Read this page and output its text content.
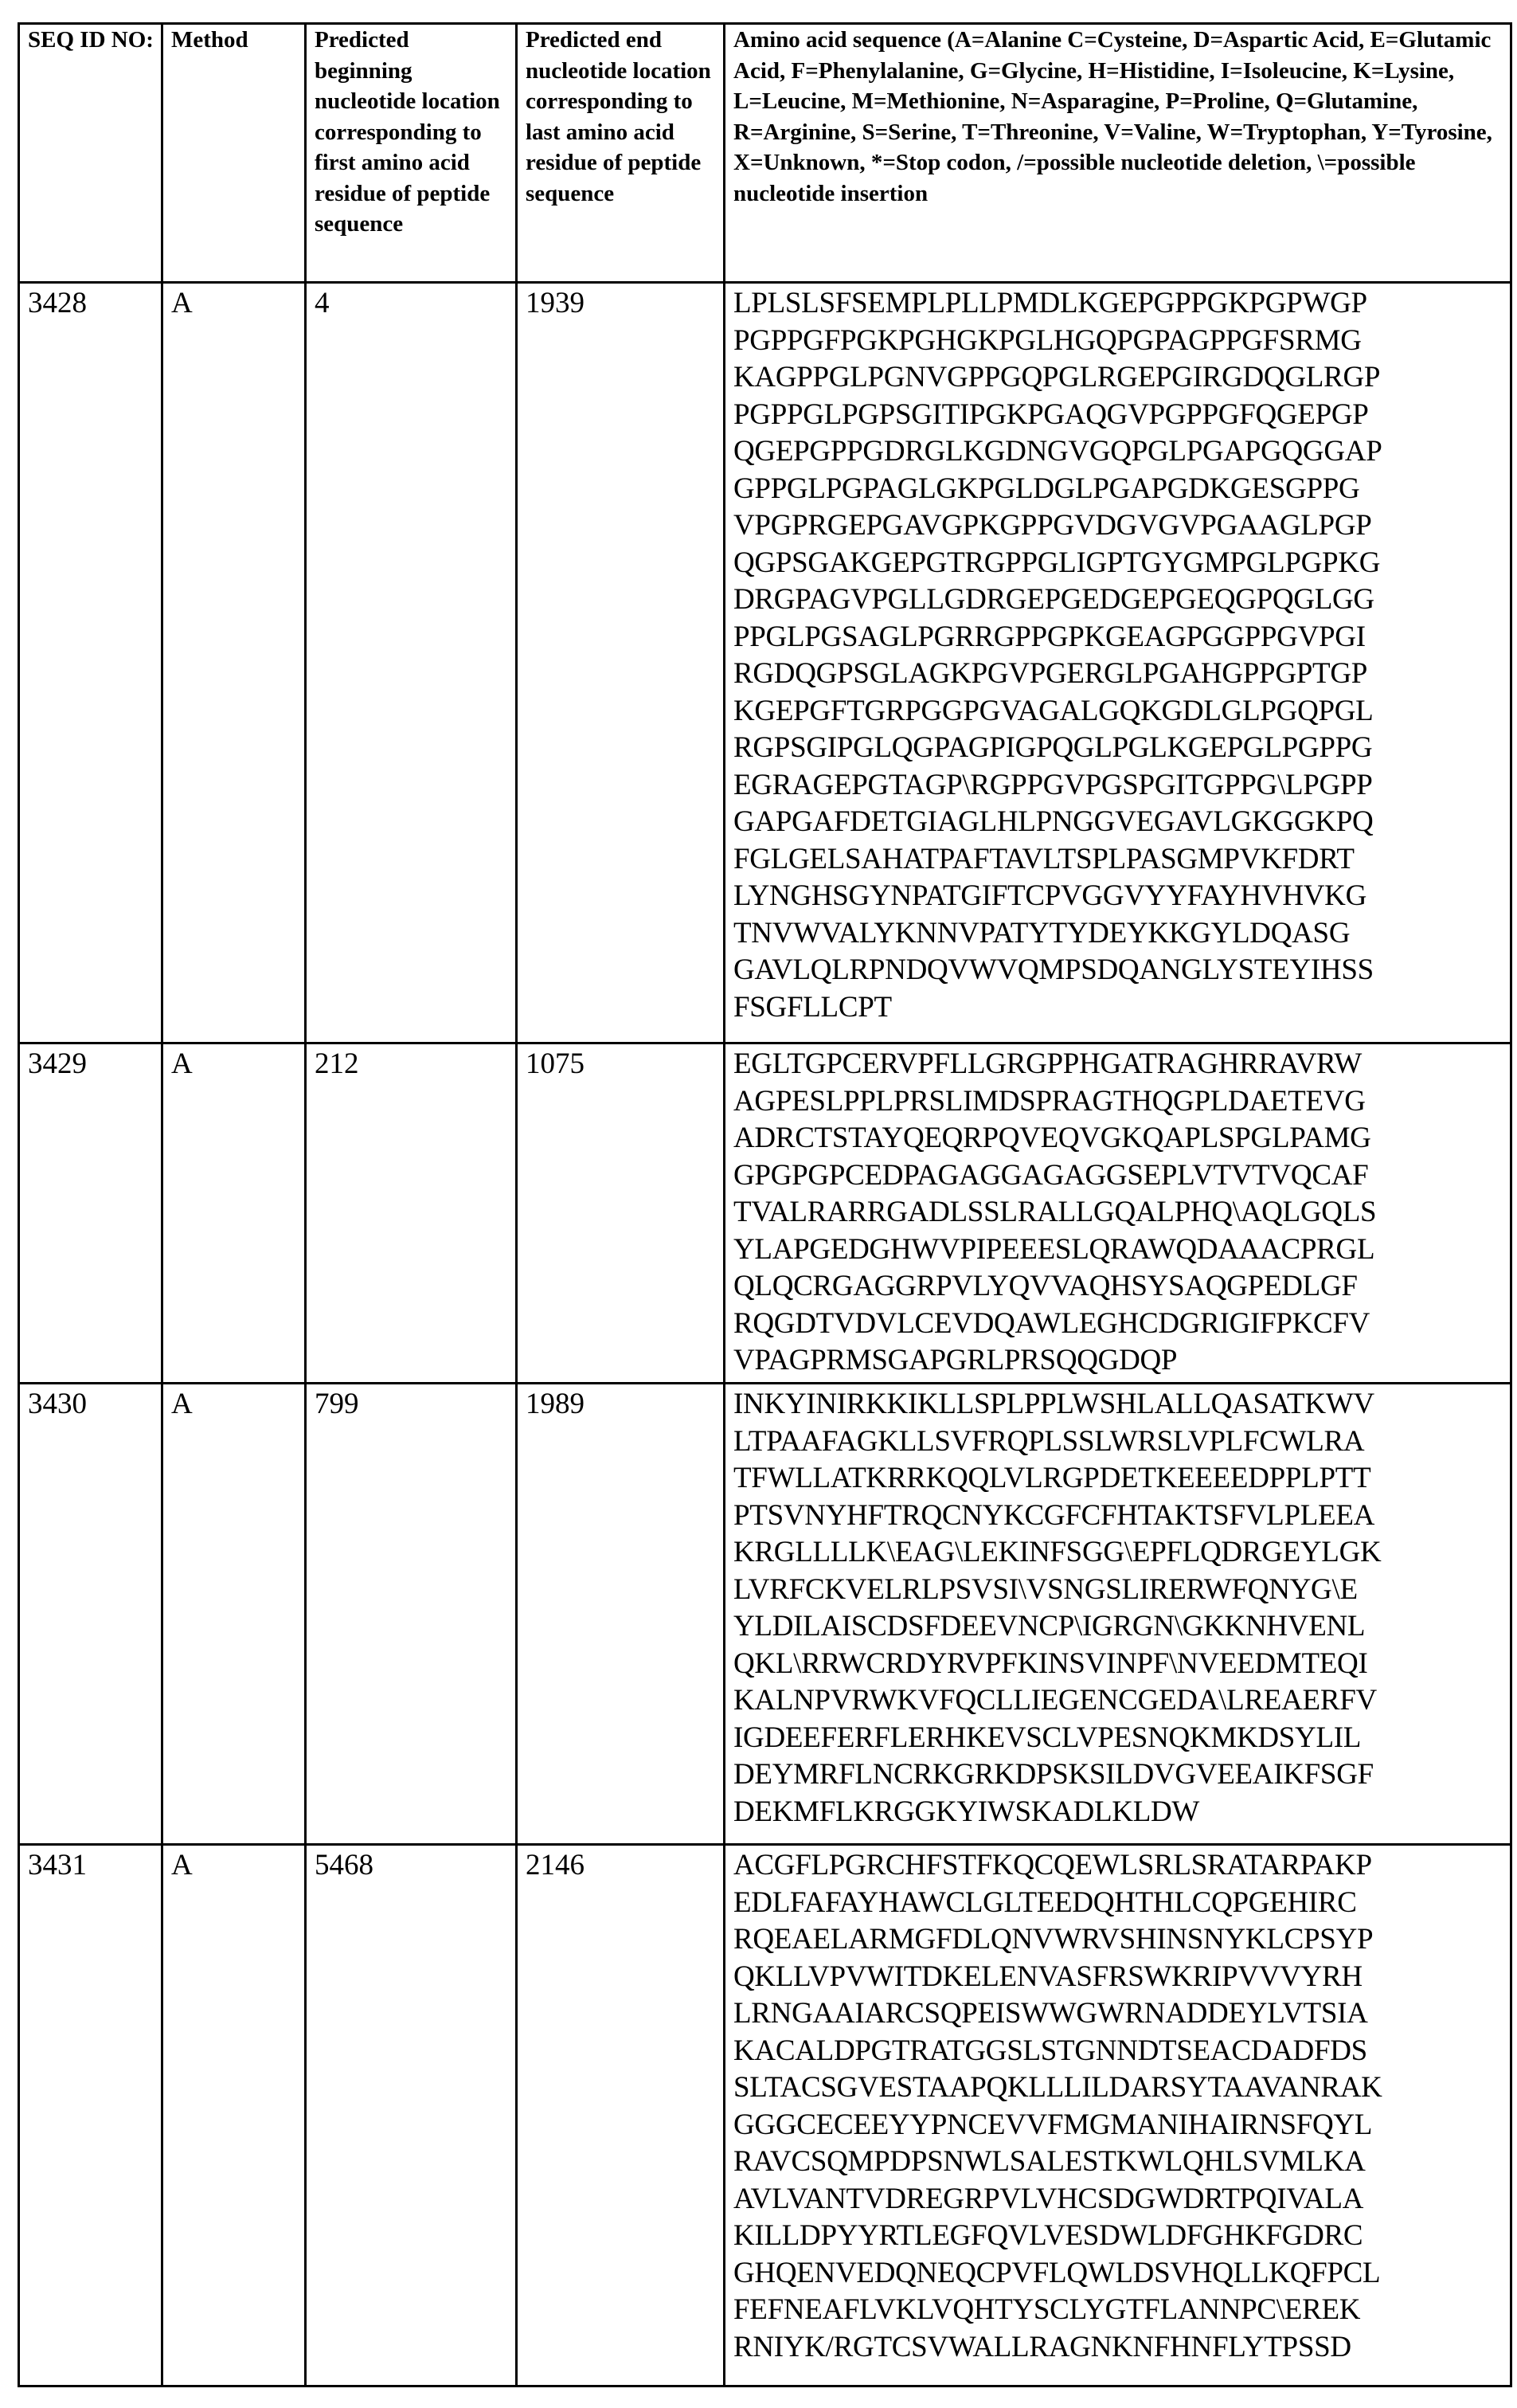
SEQ ID NO:	Method	Predicted beginning nucleotide location corresponding to first amino acid residue of peptide sequence	Predicted end nucleotide location corresponding to last amino acid residue of peptide sequence	Amino acid sequence (A=Alanine C=Cysteine, D=Aspartic Acid, E=Glutamic Acid, F=Phenylalanine, G=Glycine, H=Histidine, I=Isoleucine, K=Lysine, L=Leucine, M=Methionine, N=Asparagine, P=Proline, Q=Glutamine, R=Arginine, S=Serine, T=Threonine, V=Valine, W=Tryptophan, Y=Tyrosine, X=Unknown, *=Stop codon, /=possible nucleotide deletion, \=possible nucleotide insertion
3428	A	4	1939	LPLSLSFSEMPLPLLPMDLKGEPGPPGKPGPWGP
PGPPGFPGKPGHGKPGLHGQPGPAGPPGFSRMG
KAGPPGLPGNVGPPGQPGLRGEPGIRGDQGLRGP
PGPPGLPGPSGITIPGKPGAQGVPGPPGFQGEPGP
QGEPGPPGDRGLKGDNGVGQPGLPGAPGQGGAP
GPPGLPGPAGLGKPGLDGLPGAPGDKGESGPPG
VPGPRGEPGAVGPKGPPGVDGVGVPGAAGLPGP
QGPSGAKGEPGTRGPPGLIGPTGYGMPGLPGPKG
DRGPAGVPGLLGDRGEPGEDGEPGEQGPQGLGG
PPGLPGSAGLPGRRGPPGPKGEAGPGGPPGVPGI
RGDQGPSGLAGKPGVPGERGLPGAHGPPGPTGP
KGEPGFTGRPGGPGVAGALGQKGDLGLPGQPGL
RGPSGIPGLQGPAGPIGPQGLPGLKGEPGLPGPPG
EGRAGEPGTAGP\RGPPGVPGSPGITGPPG\LPGPP
GAPGAFDETGIAGLHLPNGGVEGAVLGKGGKPQ
FGLGELSAHATPAFTAVLTSPLPASGMPVKFDRT
LYNGHSGYNPATGIFTCPVGGVYYFAYHVHVKG
TNVWVALYKNNVPATYTYDEYKKGYLDQASG
GAVLQLRPNDQVWVQMPSDQANGLYSTEYIHSS
FSGFLLCPT

3429	A	212	1075	EGLTGPCERVPFLLGRGPPHGATRAGHRRAVRW
AGPESLPPLPRSLIMDSPRAGTHQGPLDAETEVG
ADRCTSTAYQEQRPQVEQVGKQAPLSPGLPAMG
GPGPGPCEDPAGAGGAGAGGSEPLVTVTVQCAF
TVALRARRGADLSSLRALLGQALPHQ\AQLGQLS
YLAPGEDGHWVPIPEEESLQRAWQDAAACPRGL
QLQCRGAGGRPVLYQVVAQHSYSAQGPEDLGF
RQGDTVDVLCEVDQAWLEGHCDGRIGIFPKCFV
VPAGPRMSGAPGRLPRSQQGDQP

3430	A	799	1989	INKYINIRKKIKLLSPLPPLWSHLALLQASATKWV
LTPAAFAGKLLSVFRQPLSSLWRSLVPLFCWLRA
TFWLLATKRRKQQLVLRGPDETKEEEEDPPLPTT
PTSVNYHFTRQCNYKCGFCFHTAKTSFVLPLEEA
KRGLLLLK\EAG\LEKINFSGG\EPFLQDRGEYLGK
LVRFCKVELRLPSVSI\VSNGSLIRERWFQNYG\E
YLDILAISCDSFDEEVNCP\IGRGN\GKKNHVENL
QKL\RRWCRDYRVPFKINSVINPF\NVEEDMTEQI
KALNPVRWKVFQCLLIEGENCGEDA\LREAERFV
IGDEEFERFLERHKEVSCLVPESNQKMKDSYLIL
DEYMRFLNCRKGRKDPSKSILDVGVEEAIKFSGF
DEKMFLKRGGKYIWSKADLKLDW

3431	A	5468	2146	ACGFLPGRCHFSTFKQCQEWLSRLSRATARPAKP
EDLFAFAYHAWCLGLTEEDQHTHLCQPGEHIRC
RQEAELARMGFDLQNVWRVSHINSNYKLCPSYP
QKLLVPVWITDKELENVASFRSWKRIPVVVYRH
LRNGAAIARCSQPEISWWGWRNADDEYLVTSIA
KACALDPGTRATGGSLSTGNNDTSEACDADFDS
SLTACSGVESTAAPQKLLLILDARSYTAAVANRAK
GGGCECEEYYPNCEVVFMGMANIHAIRNSFQYL
RAVCSQMPDPSNWLSALESTKWLQHLSVMLKA
AVLVANTVDREGRPVLVHCSDGWDRTPQIVALA
KILLDPYYRTLEGFQVLVESDWLDFGHKFGDRC
GHQENVEDQNEQCPVFLQWLDSVHQLLKQFPCL
FEFNEAFLVKLVQHTYSCLYGTFLANNPC\EREK
RNIYK/RGTCSVWALLRAGNKNFHNFLYTPSSD
